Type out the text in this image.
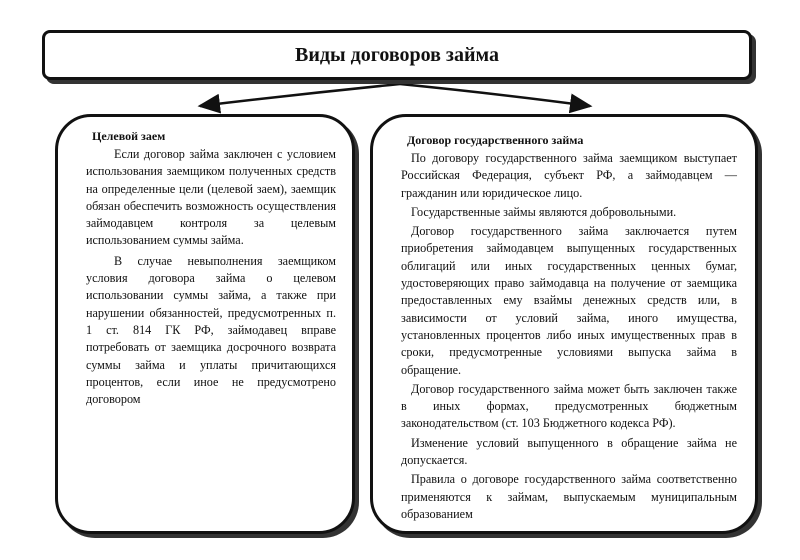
Виды договоров займа
Целевой заем

Если договор займа заключен с условием использования заемщиком полученных средств на определенные цели (целевой заем), заемщик обязан обеспечить возможность осуществления займодавцем контроля за целевым использованием суммы займа.

В случае невыполнения заемщиком условия договора займа о целевом использовании суммы займа, а также при нарушении обязанностей, предусмотренных п. 1 ст. 814 ГК РФ, займодавец вправе потребовать от заемщика досрочного возврата суммы займа и уплаты причитающихся процентов, если иное не предусмотрено договором

Договор государственного займа

По договору государственного займа заемщиком выступает Российская Федерация, субъект РФ, а займодавцем — гражданин или юридическое лицо.

Государственные займы являются добровольными.

Договор государственного займа заключается путем приобретения займодавцем выпущенных государственных облигаций или иных государственных ценных бумаг, удостоверяющих право займодавца на получение от заемщика предоставленных ему взаймы денежных средств или, в зависимости от условий займа, иного имущества, установленных процентов либо иных имущественных прав в сроки, предусмотренные условиями выпуска займа в обращение.

Договор государственного займа может быть заключен также в иных формах, предусмотренных бюджетным законодательством (ст. 103 Бюджетного кодекса РФ).

Изменение условий выпущенного в обращение займа не допускается.

Правила о договоре государственного займа соответственно применяются к займам, выпускаемым муниципальным образованием
